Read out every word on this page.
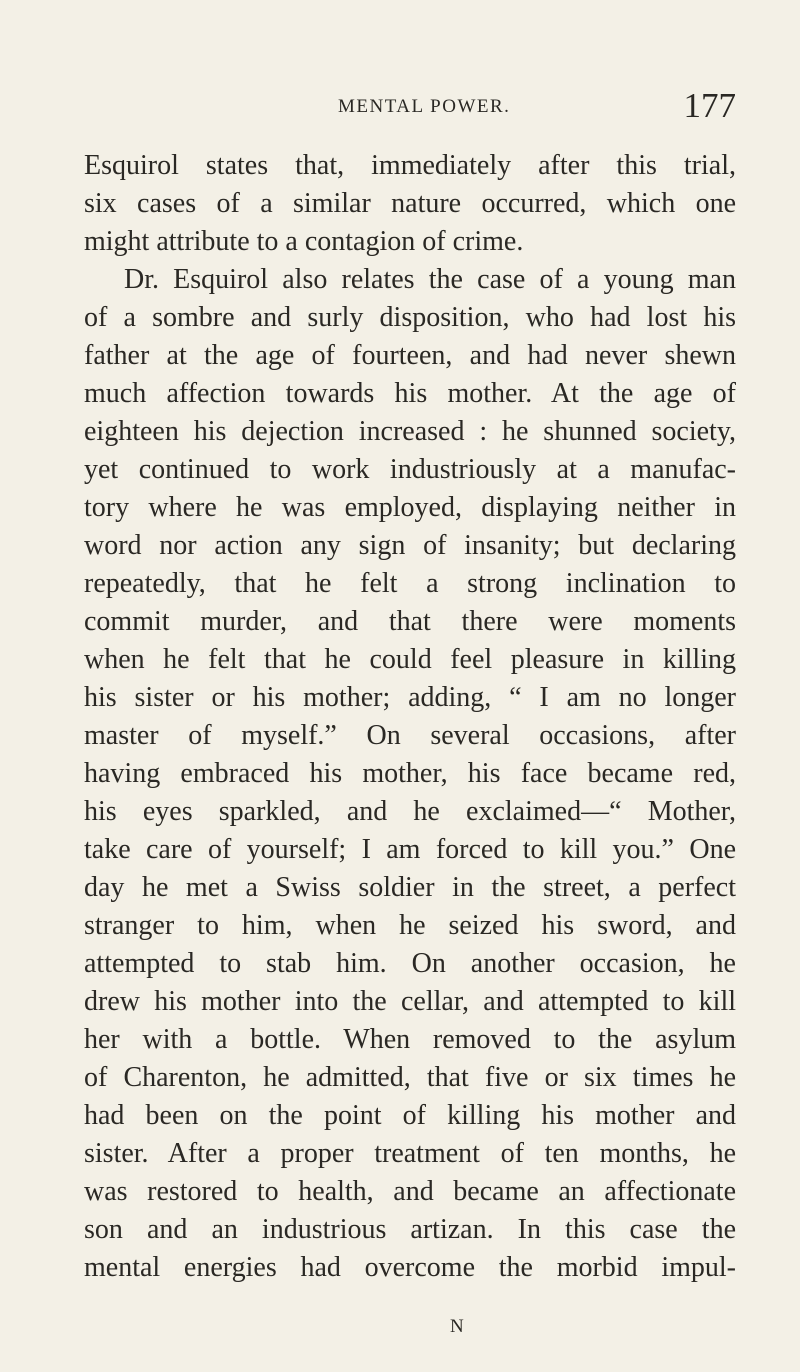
MENTAL POWER.	177
Esquirol states that, immediately after this trial,
six cases of a similar nature occurred, which one
might attribute to a contagion of crime.
Dr. Esquirol also relates the case of a young man
of a sombre and surly disposition, who had lost his
father at the age of fourteen, and had never shewn
much affection towards his mother. At the age of
eighteen his dejection increased : he shunned society,
yet continued to work industriously at a manufac-
tory where he was employed, displaying neither in
word nor action any sign of insanity; but declaring
repeatedly, that he felt a strong inclination to
commit murder, and that there were moments
when he felt that he could feel pleasure in killing
his sister or his mother; adding, “ I am no longer
master of myself.” On several occasions, after
having embraced his mother, his face became red,
his eyes sparkled, and he exclaimed—“ Mother,
take care of yourself; I am forced to kill you.” One
day he met a Swiss soldier in the street, a perfect
stranger to him, when he seized his sword, and
attempted to stab him. On another occasion, he
drew his mother into the cellar, and attempted to kill
her with a bottle. When removed to the asylum
of Charenton, he admitted, that five or six times he
had been on the point of killing his mother and
sister. After a proper treatment of ten months, he
was restored to health, and became an affectionate
son and an industrious artizan. In this case the
mental energies had overcome the morbid impul-
N
